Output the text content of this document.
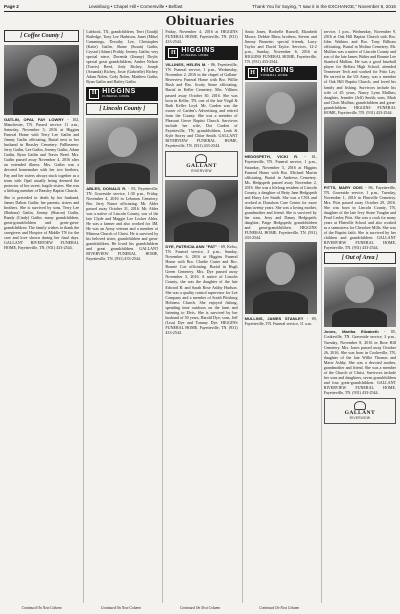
Page 2	Lewisburg • Chapel Hill • Cornersville • Belfast	Thank You for Saying, "I saw it in the EXCHANGE," November 8, 2016
Obituaries
[ Coffee County ]

GATLIN, OPAL FAY LOWRY - 102, Manchester, TN. Passed service 11 a.m., Saturday, November 5, 2016 at Higgins Funeral Home with Terry Lee Gatlin and Jimmy Gatlin officiating. Burial next to her husband in Beasley Cemetery. Pallbearers: Jerry Gatlin, Lee Gatlin, Jeremy Gatlin, Adam Gatlin, Ryan Gatlin and Travis Reed. Mrs. Gatlin passed away November 4, 2016 after an extended illness. Mrs. Gatlin was a devoted homemaker with her two brothers, Fay and her sisters always stuck together as a team with Opal usually being deemed the protector of her sweet, fragile sisters. She was a lifelong member of Beasley Baptist Church.

She is preceded in death by her husband, James Dalton Gatlin; her parents; sisters and brothers. She is survived by sons, Terry Lee (Barbara) Gatlin, Jimmy (Sharon) Gatlin, Randy (Cindy) Gatlin; many grandchildren, great-grandchildren and great-great-grandchildren. The family wishes to thank the caregivers and Hospice of Middle TN for the care and love shown during her final days. GALLANT RIVERVIEW FUNERAL HOME, Fayetteville, TN. (931) 433-2544.

Lubbock, TX; grandchildren, Terri (Gradji) Rutledge, Tony Lee Harbison, Janet (Mike) Cummings, Dorothy Lee, Christopher (Katie) Gatlin, Shane (Susan) Gatlin, Crystal (Adam) Priddy, Jeremy Gatlin; very special niece, Dorenda (Jimmy) Doyle; special great grandchildren, Amber Nelson (Travis) Reed, Jody Richey, Joseph (Amanda) Richey, Josie (Gabrielle) Richey, Adam Nolen, Cody Nolen, Matthew Gatlin, Ryan Gatlin and Hailey Gatlin.

H HIGGINS
FUNERAL HOME
[ Lincoln County ]

ABLES, DONALD R. - 83, Fayetteville, TN. Graveside service, 1:30 p.m., Friday, November 4, 2016 in Lebanon Cemetery. Bro. Jerry Nance officiating. Mr. Ables passed away October 31, 2016. Mr. Ables was a native of Lincoln County, son of the late Clyde and Maggie Lee Locker Ables. He was a farmer and also worked for 3M. He was an Army veteran and a member of Mimosa Church of Christ. He is survived by his beloved sister, grandchildren and great-grandchildren. He loved his grandchildren and great grandchildren. GALLANT RIVERVIEW FUNERAL HOME, Fayetteville, TN. (931) 433-2544.

Friday, November 4, 2016 at HIGGINS FUNERAL HOME, Fayetteville, TN. (931) 433-2544.

H HIGGINS
FUNERAL HOME

VILLINES, HELEN M. - 86, Fayetteville, TN. Funeral service, 1 p.m., Wednesday, November 2, 2016 in the chapel of Gallant-Riverview Funeral Home with Bro. Willie Rush and Bro. Scotty Stone officiating. Burial in Keller Cemetery. Mrs. Villines passed away October 30, 2016. She was born in Keller, TN, one of the late Virgil & Ruth Keller Loyd. Mr. Carden was the owner of Carden's Advertising and retired from the County. She was a member of Pleasant Grove Baptist Church. Survivors include her wife, Dot Carden of Fayetteville, TN; grandchildren, Leah & Kyle Storey and Chloe Smith. GALLANT RIVERVIEW FUNERAL HOME, Fayetteville, TN. (931) 433-2544.

GALLANT
RIVERVIEW

DYE, PATRICIA ANN "PAT" - 69, Kelso, TN. Funeral service, 2 p.m., Sunday, November 6, 2016 at Higgins Funeral Home with Bro. Charlie Carter and Bro. Ronnie Coe officiating. Burial in Hugh Green Cemetery. Mrs. Dye passed away November 3, 2016. A native of Lincoln County, she was the daughter of the late Edward R. and Sarah Rose Ashby Hudson. She was a quality control supervisor for Lee Company and a member of South Pittsburg Holiness Church. She enjoyed fishing, spending time outdoors on the farm and listening to Elvis. She is survived by her husband of 50 years, Harold Dye; sons, Jeff (Lisa) Dye and Tommy Dye. HIGGINS FUNERAL HOME, Fayetteville, TN. (931) 433-2544.

Anita Jones, Rochelle Russell, Elizabeth Moore, Debbie Rhea; brothers, Steven and Jimmy Barnette; special friends, Larry Taylor and David Taylor. Services, 12-2 p.m., Sunday, November 6, 2016 at HIGGINS FUNERAL HOME, Fayetteville, TN. (931) 433-2544.

H HIGGINS
FUNERAL HOME

HEDGSPETH, VICKI R. - 61, Fayetteville, TN. Funeral service, 1 p.m., Saturday, November 5, 2016 at Higgins Funeral Home with Bro. Michael Martin officiating. Burial in Andrews Cemetery. Ms. Hedgspeth passed away November 2, 2016. She was a lifelong resident of Lincoln County, a daughter of Betty Jane Hedgspeth and Harry Lee Smith. She was a CNA and worked at Donalson Care Center for more than twenty years. She was a loving mother, grandmother and friend. She is survived by her sons, Jerry and Danny Hedgspeth; daughter, Paige Hedgspeth; grandchildren and great-grandchildren. HIGGINS FUNERAL HOME, Fayetteville, TN. (931) 433-2544.

MULLINS, JAMES STANLEY - 69, Fayetteville, TN. Funeral service, 11 a.m.

service, 1 p.m., Wednesday, November 9, 2016 at Oak Hill Baptist Church with Bro. John Watkins and Bro. Tony Billions officiating. Burial in Molino Cemetery. Mr. Mullins was a native of Lincoln County and son of the late James Walter and Bonnie Lee Stanford Mullins. He was a good baseball player for Belfast High School, attended Tennessee Tech and worked for Frito Lay. He served in the US Army, was a member of Oak Hill Baptist Church, and loved his family and fishing. Survivors include his wife of 45 years, Nancy Lynn Mullins; daughter, Jennifer (Jeff) Smith; sons, Mark and Chris Mullins; grandchildren and great-grandchildren. HIGGINS FUNERAL HOME, Fayetteville, TN. (931) 433-2544.

PITTS, MARY ODIS - 86, Fayetteville, TN. Graveside service, 1 p.m., Tuesday, November 1, 2016 in Flintville Cemetery. Mrs. Pitts passed away October 29, 2016. She was born in Lincoln County, TN, daughter of the late Ivey Stone Vaughn and Pearl Lesley Pitts. She was a cook for many years at Flintville School and also worked as a seamstress for Cherokee Mills. She was of the Baptist faith. She is survived by her children and grandchildren. GALLANT RIVERVIEW FUNERAL HOME, Fayetteville, TN. (931) 433-2544.

[ Out of Area ]

Jones, Martha Elizabeth - 85, Cookeville, TN. Graveside service, 3 p.m., Tuesday, November 8, 2016 in Rose Hill Cemetery. Mrs. Jones passed away October 26, 2016. She was born in Cookeville, TN, daughter of the late Willie Thomas and Marie Ashby. She was a devoted mother, grandmother and friend. She was a member of the Church of Christ. Survivors include her sons and daughters, seven grandchildren and four great-grandchildren. GALLANT RIVERVIEW FUNERAL HOME, Fayetteville, TN. (931) 433-2544.

GALLANT
RIVERVIEW
Continued On Next Column	Continued On Next Column	Continued On Next Column	Continued On Next Column
